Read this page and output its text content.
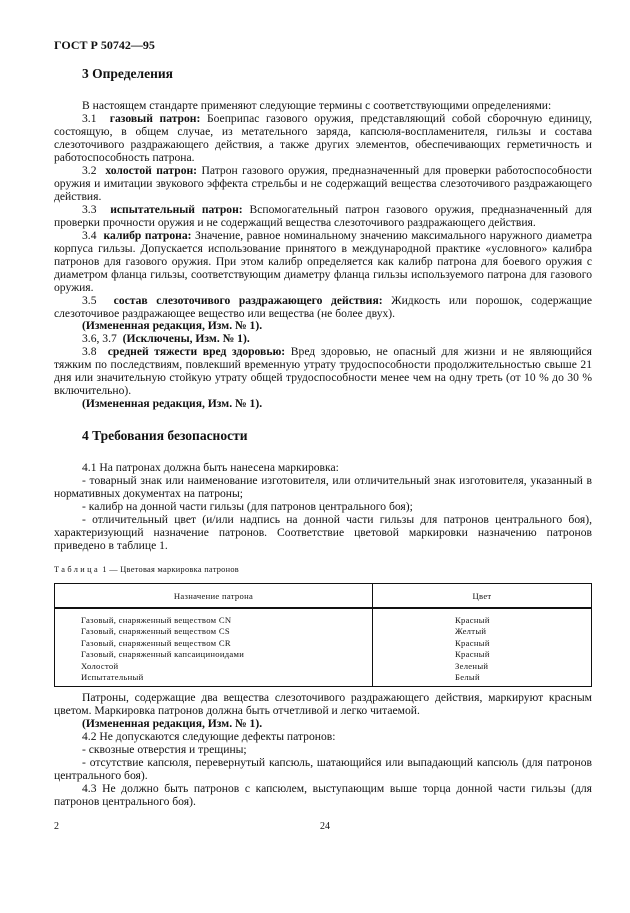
ГОСТ Р 50742—95
3 Определения

В настоящем стандарте применяют следующие термины с соответствующими определениями:

3.1 газовый патрон: Боеприпас газового оружия, представляющий собой сборочную единицу, состоящую, в общем случае, из метательного заряда, капсюля-воспламенителя, гильзы и состава слезоточивого раздражающего действия, а также других элементов, обеспечивающих герметичность и работоспособность патрона.

3.2 холостой патрон: Патрон газового оружия, предназначенный для проверки работоспособности оружия и имитации звукового эффекта стрельбы и не содержащий вещества слезоточивого раздражающего действия.

3.3 испытательный патрон: Вспомогательный патрон газового оружия, предназначенный для проверки прочности оружия и не содержащий вещества слезоточивого раздражающего действия.

3.4 калибр патрона: Значение, равное номинальному значению максимального наружного диаметра корпуса гильзы. Допускается использование принятого в международной практике «условного» калибра патронов для газового оружия. При этом калибр определяется как калибр патрона для боевого оружия с диаметром фланца гильзы, соответствующим диаметру фланца гильзы используемого патрона для газового оружия.

3.5 состав слезоточивого раздражающего действия: Жидкость или порошок, содержащие слезоточивое раздражающее вещество или вещества (не более двух).

(Измененная редакция, Изм. № 1).

3.6, 3.7 (Исключены, Изм. № 1).

3.8 средней тяжести вред здоровью: Вред здоровью, не опасный для жизни и не являющийся тяжким по последствиям, повлекший временную утрату трудоспособности продолжительностью свыше 21 дня или значительную стойкую утрату общей трудоспособности менее чем на одну треть (от 10 % до 30 % включительно).

(Измененная редакция, Изм. № 1).

4 Требования безопасности

4.1 На патронах должна быть нанесена маркировка:

- товарный знак или наименование изготовителя, или отличительный знак изготовителя, указанный в нормативных документах на патроны;

- калибр на донной части гильзы (для патронов центрального боя);

- отличительный цвет (и/или надпись на донной части гильзы для патронов центрального боя), характеризующий назначение патронов. Соответствие цветовой маркировки назначению патронов приведено в таблице 1.

Таблица 1 — Цветовая маркировка патронов
Назначение патрона	Цвет
Газовый, снаряженный веществом CN	Красный
Газовый, снаряженный веществом CS	Желтый
Газовый, снаряженный веществом CR	Красный
Газовый, снаряженный капсаициноидами	Красный
Холостой	Зеленый
Испытательный	Белый

Патроны, содержащие два вещества слезоточивого раздражающего действия, маркируют красным цветом. Маркировка патронов должна быть отчетливой и легко читаемой.

(Измененная редакция, Изм. № 1).

4.2 Не допускаются следующие дефекты патронов:

- сквозные отверстия и трещины;

- отсутствие капсюля, перевернутый капсюль, шатающийся или выпадающий капсюль (для патронов центрального боя).

4.3 Не должно быть патронов с капсюлем, выступающим выше торца донной части гильзы (для патронов центрального боя).

2	24
